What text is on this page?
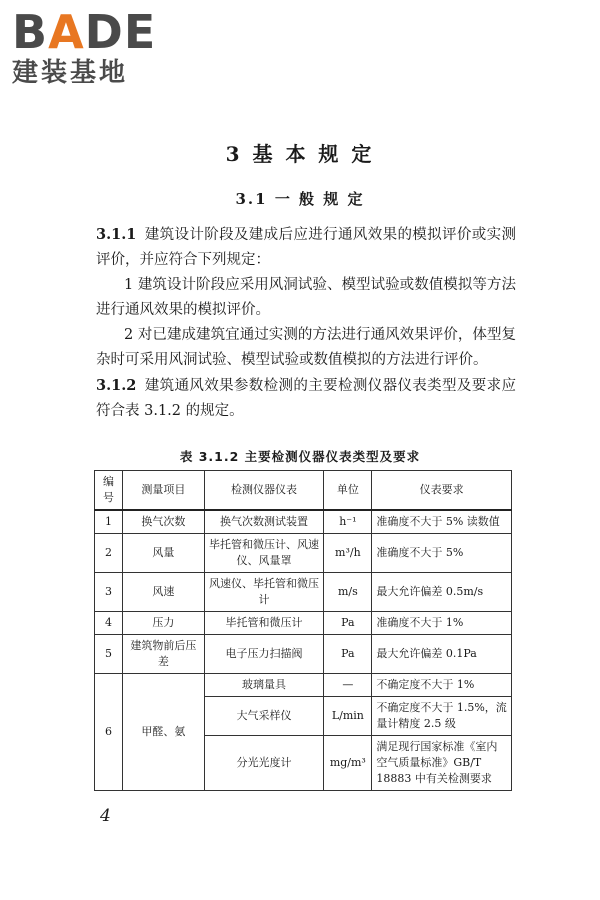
BADE
建装基地
3 基 本 规 定
3.1 一 般 规 定

3.1.1 建筑设计阶段及建成后应进行通风效果的模拟评价或实测评价，并应符合下列规定：

1 建筑设计阶段应采用风洞试验、模型试验或数值模拟等方法进行通风效果的模拟评价。

2 对已建成建筑宜通过实测的方法进行通风效果评价，体型复杂时可采用风洞试验、模型试验或数值模拟的方法进行评价。

3.1.2 建筑通风效果参数检测的主要检测仪器仪表类型及要求应符合表 3.1.2 的规定。

表 3.1.2 主要检测仪器仪表类型及要求
编号	测量项目	检测仪器仪表	单位	仪表要求
1	换气次数	换气次数测试装置	h⁻¹	准确度不大于 5% 读数值
2	风量	毕托管和微压计、风速仪、风量罩	m³/h	准确度不大于 5%
3	风速	风速仪、毕托管和微压计	m/s	最大允许偏差 0.5m/s
4	压力	毕托管和微压计	Pa	准确度不大于 1%
5	建筑物前后压差	电子压力扫描阀	Pa	最大允许偏差 0.1Pa
6	甲醛、氨	玻璃量具	—	不确定度不大于 1%
		大气采样仪	L/min	不确定度不大于 1.5%，流量计精度 2.5 级
		分光光度计	mg/m³	满足现行国家标准《室内空气质量标准》GB/T 18883 中有关检测要求
4
